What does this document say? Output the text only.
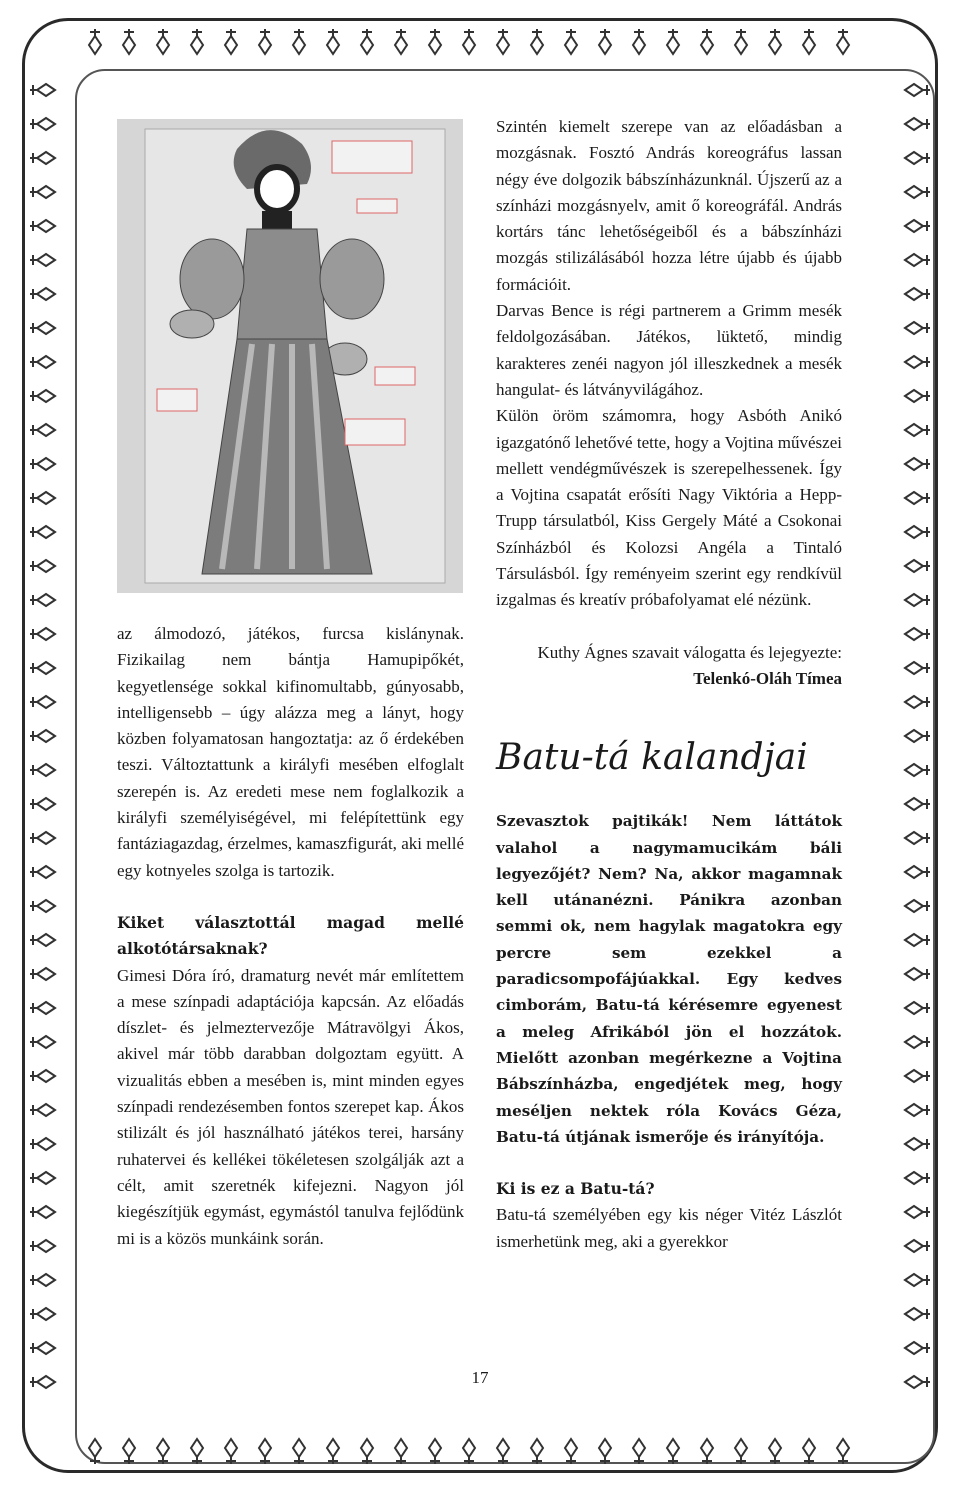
az álmodozó, játékos, furcsa kislánynak. Fizikailag nem bántja Hamupipőkét, kegyetlensége sokkal kifinomultabb, gúnyosabb, intelligensebb – úgy alázza meg a lányt, hogy közben folyamatosan hangoztatja: az ő érdekében teszi. Változtattunk a királyfi mesében elfoglalt szerepén is. Az eredeti mese nem foglalkozik a királyfi személyiségével, mi felépítettünk egy fantáziagazdag, érzelmes, kamaszfigurát, aki mellé egy kotnyeles szolga is tartozik.

Kiket választottál magad mellé alkotótársaknak?

Gimesi Dóra író, dramaturg nevét már említettem a mese színpadi adaptációja kapcsán. Az előadás díszlet- és jelmeztervezője Mátravölgyi Ákos, akivel már több darabban dolgoztam együtt. A vizualitás ebben a mesében is, mint minden egyes színpadi rendezésemben fontos szerepet kap. Ákos stilizált és jól használható játékos terei, harsány ruhatervei és kellékei tökéletesen szolgálják azt a célt, amit szeretnék kifejezni. Nagyon jól kiegészítjük egymást, egymástól tanulva fejlődünk mi is a közös munkáink során.

Szintén kiemelt szerepe van az előadásban a mozgásnak. Fosztó András koreográfus lassan négy éve dolgozik bábszínházunknál. Újszerű az a színházi mozgásnyelv, amit ő koreográfál. András kortárs tánc lehetőségeiből és a bábszínházi mozgás stilizálásából hozza létre újabb és újabb formációit.

Darvas Bence is régi partnerem a Grimm mesék feldolgozásában. Játékos, lüktető, mindig karakteres zenéi nagyon jól illeszkednek a mesék hangulat- és látványvilágához.

Külön öröm számomra, hogy Asbóth Anikó igazgatónő lehetővé tette, hogy a Vojtina művészei mellett vendégművészek is szerepelhessenek. Így a Vojtina csapatát erősíti Nagy Viktória a Hepp- Trupp társulatból, Kiss Gergely Máté a Csokonai Színházból és Kolozsi Angéla a Tintaló Társulásból. Így reményeim szerint egy rendkívül izgalmas és kreatív próbafolyamat elé nézünk.

Kuthy Ágnes szavait válogatta és lejegyezte:

Telenkó-Oláh Tímea

Batu-tá kalandjai

Szevasztok pajtikák! Nem láttátok valahol a nagymamucikám báli legyezőjét? Nem? Na, akkor magamnak kell utánanézni. Pánikra azonban semmi ok, nem hagylak magatokra egy percre sem ezekkel a paradicsompofájúakkal. Egy kedves cimborám, Batu-tá kérésemre egyenest a meleg Afrikából jön el hozzátok. Mielőtt azonban megérkezne a Vojtina Bábszínházba, engedjétek meg, hogy meséljen nektek róla Kovács Géza, Batu-tá útjának ismerője és irányítója.

Ki is ez a Batu-tá?

Batu-tá személyében egy kis néger Vitéz Lászlót ismerhetünk meg, aki a gyerekkor

17
